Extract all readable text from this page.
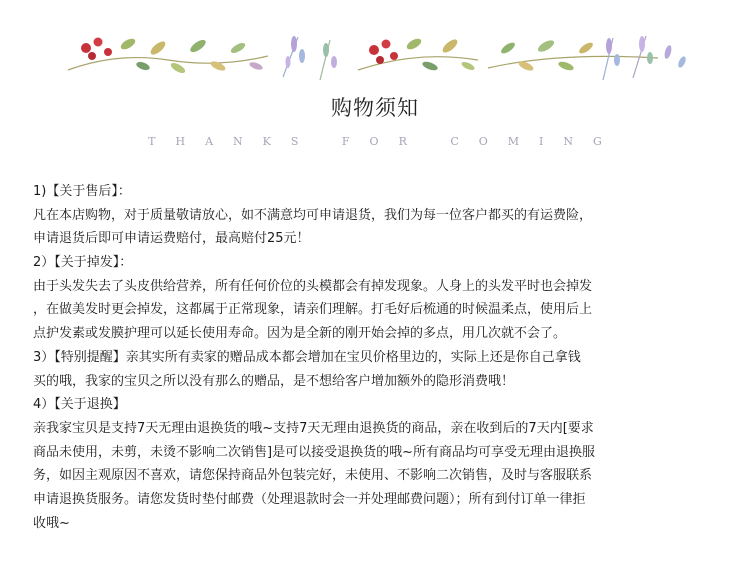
购物须知
THANKS FOR COMING
1)【关于售后】：
凡在本店购物，对于质量敬请放心，如不满意均可申请退货，我们为每一位客户都买的有运费险，
申请退货后即可申请运费赔付，最高赔付25元！
2）【关于掉发】：
由于头发失去了头皮供给营养，所有任何价位的头模都会有掉发现象。人身上的头发平时也会掉发
，在做美发时更会掉发，这都属于正常现象，请亲们理解。打毛好后梳通的时候温柔点，使用后上
点护发素或发膜护理可以延长使用寿命。因为是全新的刚开始会掉的多点，用几次就不会了。
3）【特别提醒】亲其实所有卖家的赠品成本都会增加在宝贝价格里边的，实际上还是你自己拿钱
买的哦，我家的宝贝之所以没有那么的赠品，是不想给客户增加额外的隐形消费哦！
4）【关于退换】
亲我家宝贝是支持7天无理由退换货的哦~支持7天无理由退换货的商品，亲在收到后的7天内[要求
商品未使用，未剪，未烫不影响二次销售]是可以接受退换货的哦~所有商品均可享受无理由退换服
务，如因主观原因不喜欢，请您保持商品外包装完好，未使用、不影响二次销售，及时与客服联系
申请退换货服务。请您发货时垫付邮费（处理退款时会一并处理邮费问题）；所有到付订单一律拒
收哦~
